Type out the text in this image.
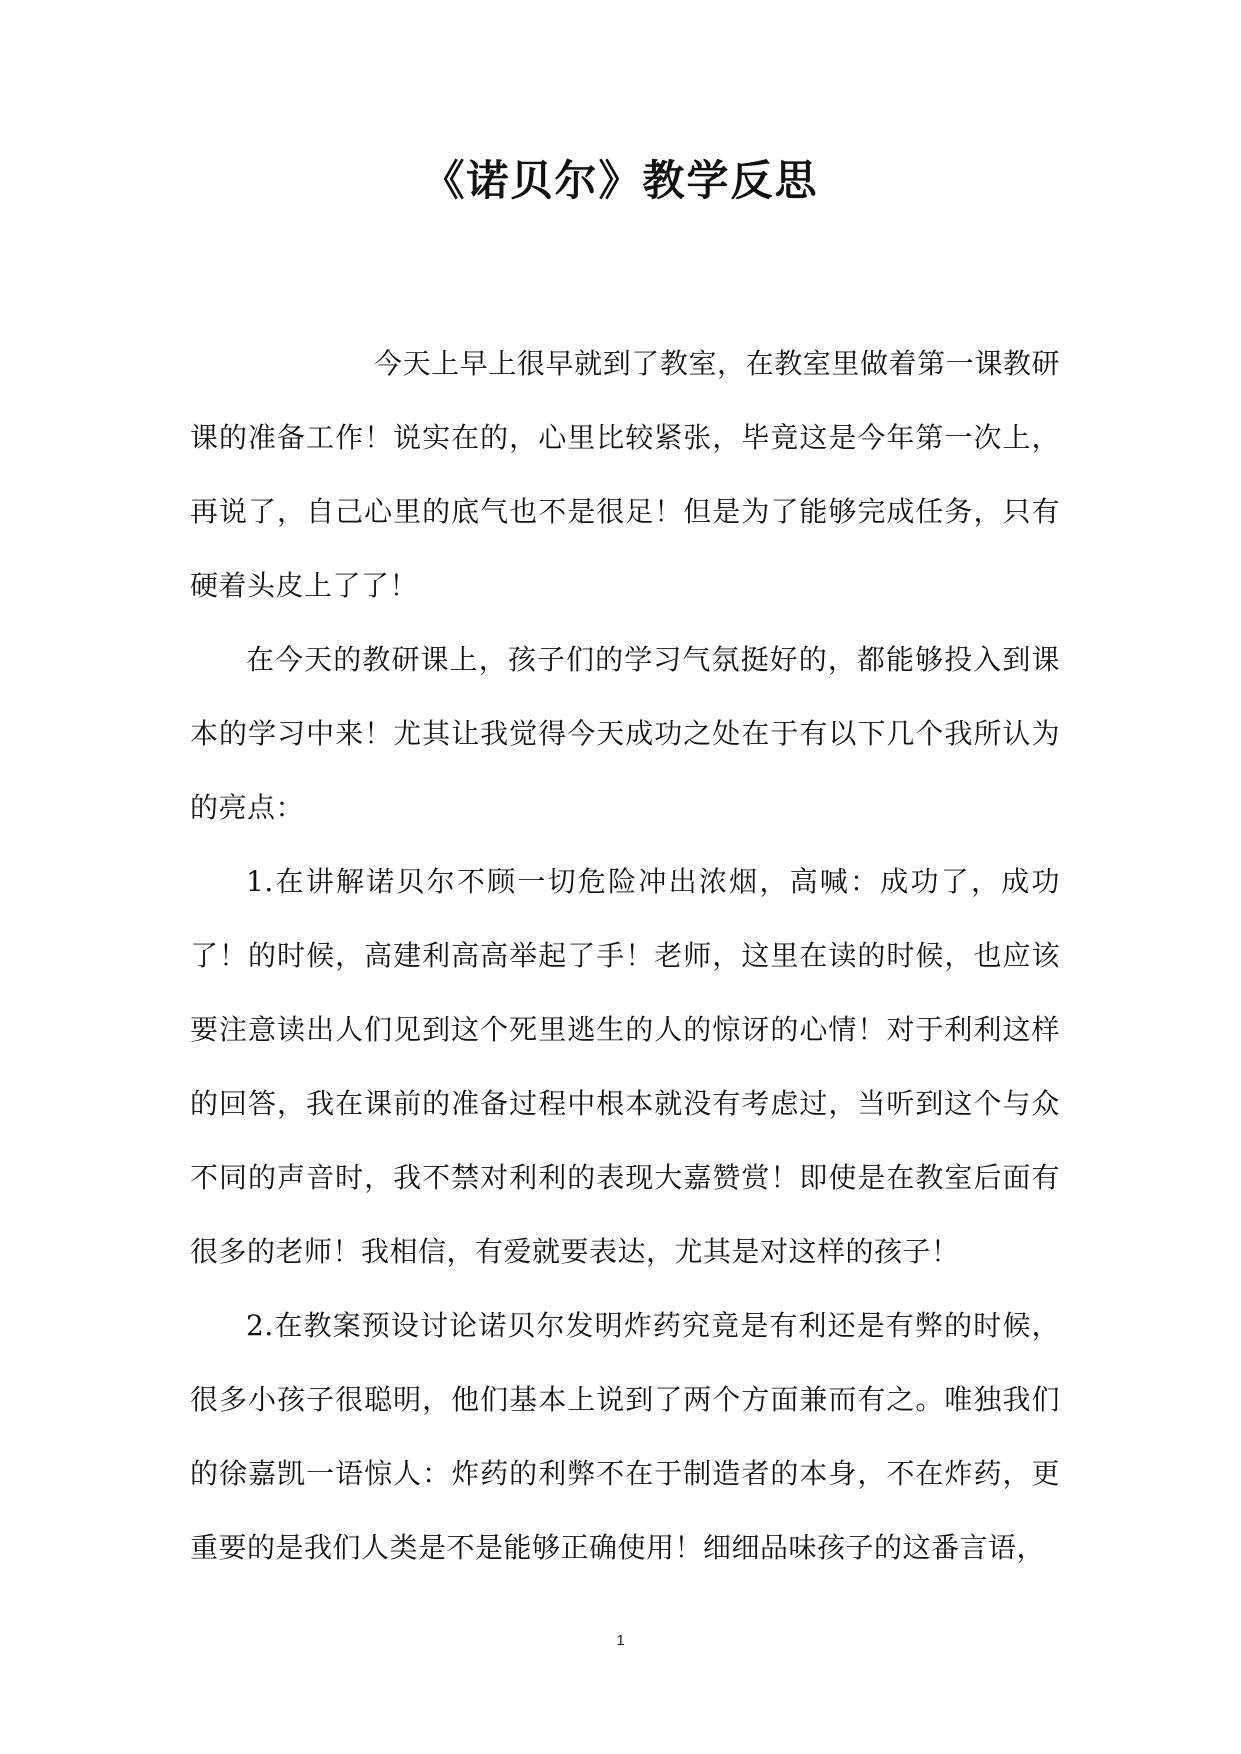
《诺贝尔》教学反思

今天上早上很早就到了教室，在教室里做着第一课教研课的准备工作！说实在的，心里比较紧张，毕竟这是今年第一次上，再说了，自己心里的底气也不是很足！但是为了能够完成任务，只有硬着头皮上了了！

在今天的教研课上，孩子们的学习气氛挺好的，都能够投入到课本的学习中来！尤其让我觉得今天成功之处在于有以下几个我所认为的亮点：

1.在讲解诺贝尔不顾一切危险冲出浓烟，高喊：成功了，成功了！的时候，高建利高高举起了手！老师，这里在读的时候，也应该要注意读出人们见到这个死里逃生的人的惊讶的心情！对于利利这样的回答，我在课前的准备过程中根本就没有考虑过，当听到这个与众不同的声音时，我不禁对利利的表现大嘉赞赏！即使是在教室后面有很多的老师！我相信，有爱就要表达，尤其是对这样的孩子！

2.在教案预设讨论诺贝尔发明炸药究竟是有利还是有弊的时候，很多小孩子很聪明，他们基本上说到了两个方面兼而有之。唯独我们的徐嘉凯一语惊人：炸药的利弊不在于制造者的本身，不在炸药，更重要的是我们人类是不是能够正确使用！细细品味孩子的这番言语，

1
